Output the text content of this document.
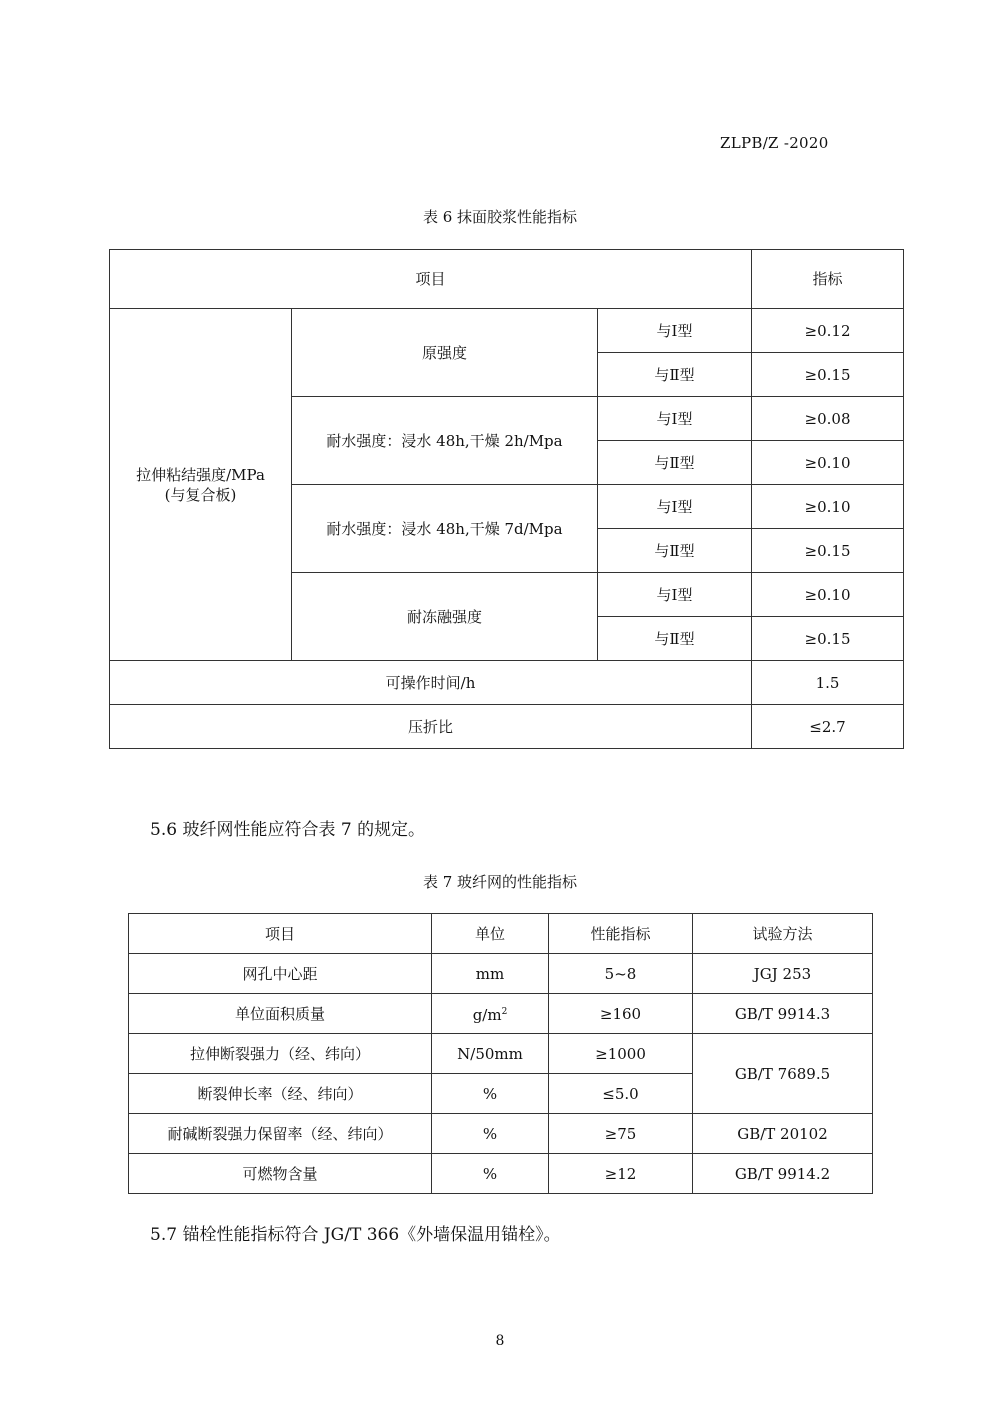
ZLPB/Z -2020
表 6 抹面胶浆性能指标
项目			指标
拉伸粘结强度/MPa
(与复合板)	原强度	与Ⅰ型	≥0.12
		与Ⅱ型	≥0.15
	耐水强度：浸水 48h,干燥 2h/Mpa	与Ⅰ型	≥0.08
		与Ⅱ型	≥0.10
	耐水强度：浸水 48h,干燥 7d/Mpa	与Ⅰ型	≥0.10
		与Ⅱ型	≥0.15
	耐冻融强度	与Ⅰ型	≥0.10
		与Ⅱ型	≥0.15
可操作时间/h			1.5
压折比			≤2.7
5.6 玻纤网性能应符合表 7 的规定。
表 7 玻纤网的性能指标
项目	单位	性能指标	试验方法
网孔中心距	mm	5~8	JGJ 253
单位面积质量	$g/m^2$	≥160	GB/T 9914.3
拉伸断裂强力（经、纬向）	N/50mm	≥1000	GB/T 7689.5
断裂伸长率（经、纬向）	%	≤5.0	
耐碱断裂强力保留率（经、纬向）	%	≥75	GB/T 20102
可燃物含量	%	≥12	GB/T 9914.2
5.7 锚栓性能指标符合 JG/T 366《外墙保温用锚栓》。
8
